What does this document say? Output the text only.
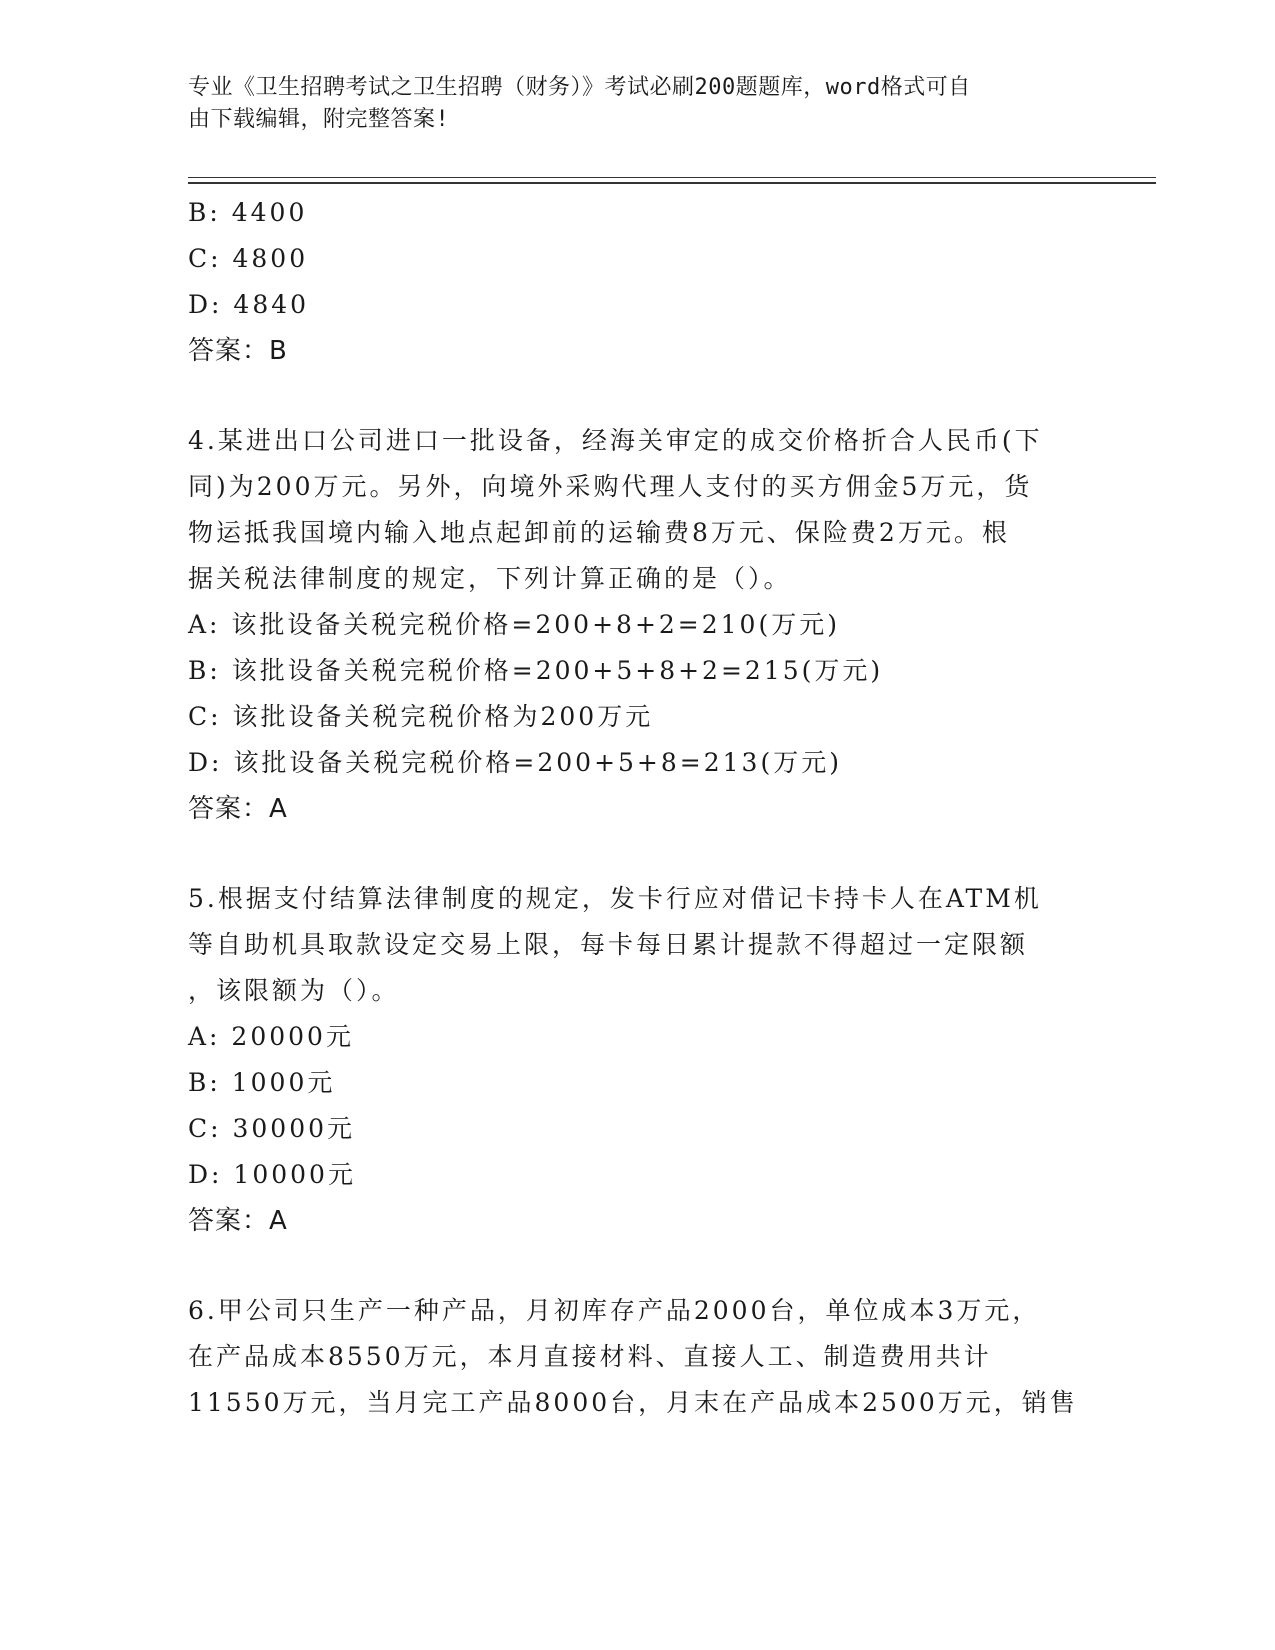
专业《卫生招聘考试之卫生招聘（财务）》考试必刷200题题库，word格式可自
由下载编辑，附完整答案!
B: 4400
C: 4800
D: 4840
答案：B
4.某进出口公司进口一批设备，经海关审定的成交价格折合人民币(下
同)为200万元。另外，向境外采购代理人支付的买方佣金5万元，货
物运抵我国境内输入地点起卸前的运输费8万元、保险费2万元。根
据关税法律制度的规定，下列计算正确的是（）。
A: 该批设备关税完税价格=200+8+2=210(万元)
B: 该批设备关税完税价格=200+5+8+2=215(万元)
C: 该批设备关税完税价格为200万元
D: 该批设备关税完税价格=200+5+8=213(万元)
答案：A
5.根据支付结算法律制度的规定，发卡行应对借记卡持卡人在ATM机
等自助机具取款设定交易上限，每卡每日累计提款不得超过一定限额
，该限额为（）。
A: 20000元
B: 1000元
C: 30000元
D: 10000元
答案：A
6.甲公司只生产一种产品，月初库存产品2000台，单位成本3万元，
在产品成本8550万元，本月直接材料、直接人工、制造费用共计
11550万元，当月完工产品8000台，月末在产品成本2500万元，销售
